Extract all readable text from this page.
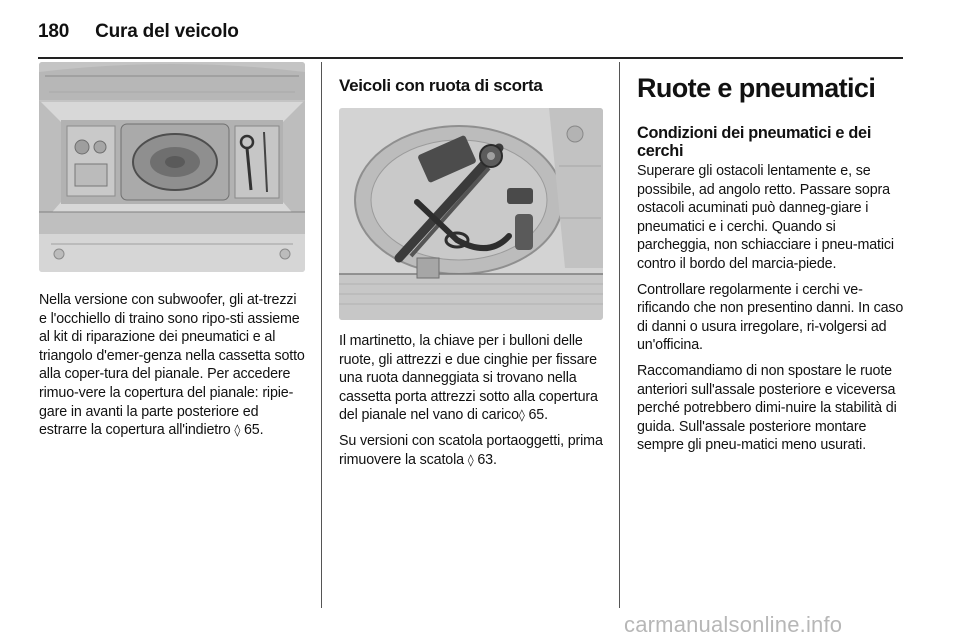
180 Cura del veicolo

Nella versione con subwoofer, gli at-trezzi e l'occhiello di traino sono ripo-sti assieme al kit di riparazione dei pneumatici e al triangolo d'emer-genza nella cassetta sotto alla coper-tura del pianale. Per accedere rimuo-vere la copertura del pianale: ripie-gare in avanti la parte posteriore ed estrarre la copertura all'indietro ◊ 65.

Veicoli con ruota di scorta

Il martinetto, la chiave per i bulloni delle ruote, gli attrezzi e due cinghie per fissare una ruota danneggiata si trovano nella cassetta porta attrezzi sotto alla copertura del pianale nel vano di carico◊ 65.

Su versioni con scatola portaoggetti, prima rimuovere la scatola ◊ 63.

Ruote e pneumatici
Condizioni dei pneumatici e dei cerchi

Superare gli ostacoli lentamente e, se possibile, ad angolo retto. Passare sopra ostacoli acuminati può danneg-giare i pneumatici e i cerchi. Quando si parcheggia, non schiacciare i pneu-matici contro il bordo del marcia-piede.

Controllare regolarmente i cerchi ve-rificando che non presentino danni. In caso di danni o usura irregolare, ri-volgersi ad un'officina.

Raccomandiamo di non spostare le ruote anteriori sull'assale posteriore e viceversa perché potrebbero dimi-nuire la stabilità di guida. Sull'assale posteriore montare sempre gli pneu-matici meno usurati.

carmanualsonline.info
